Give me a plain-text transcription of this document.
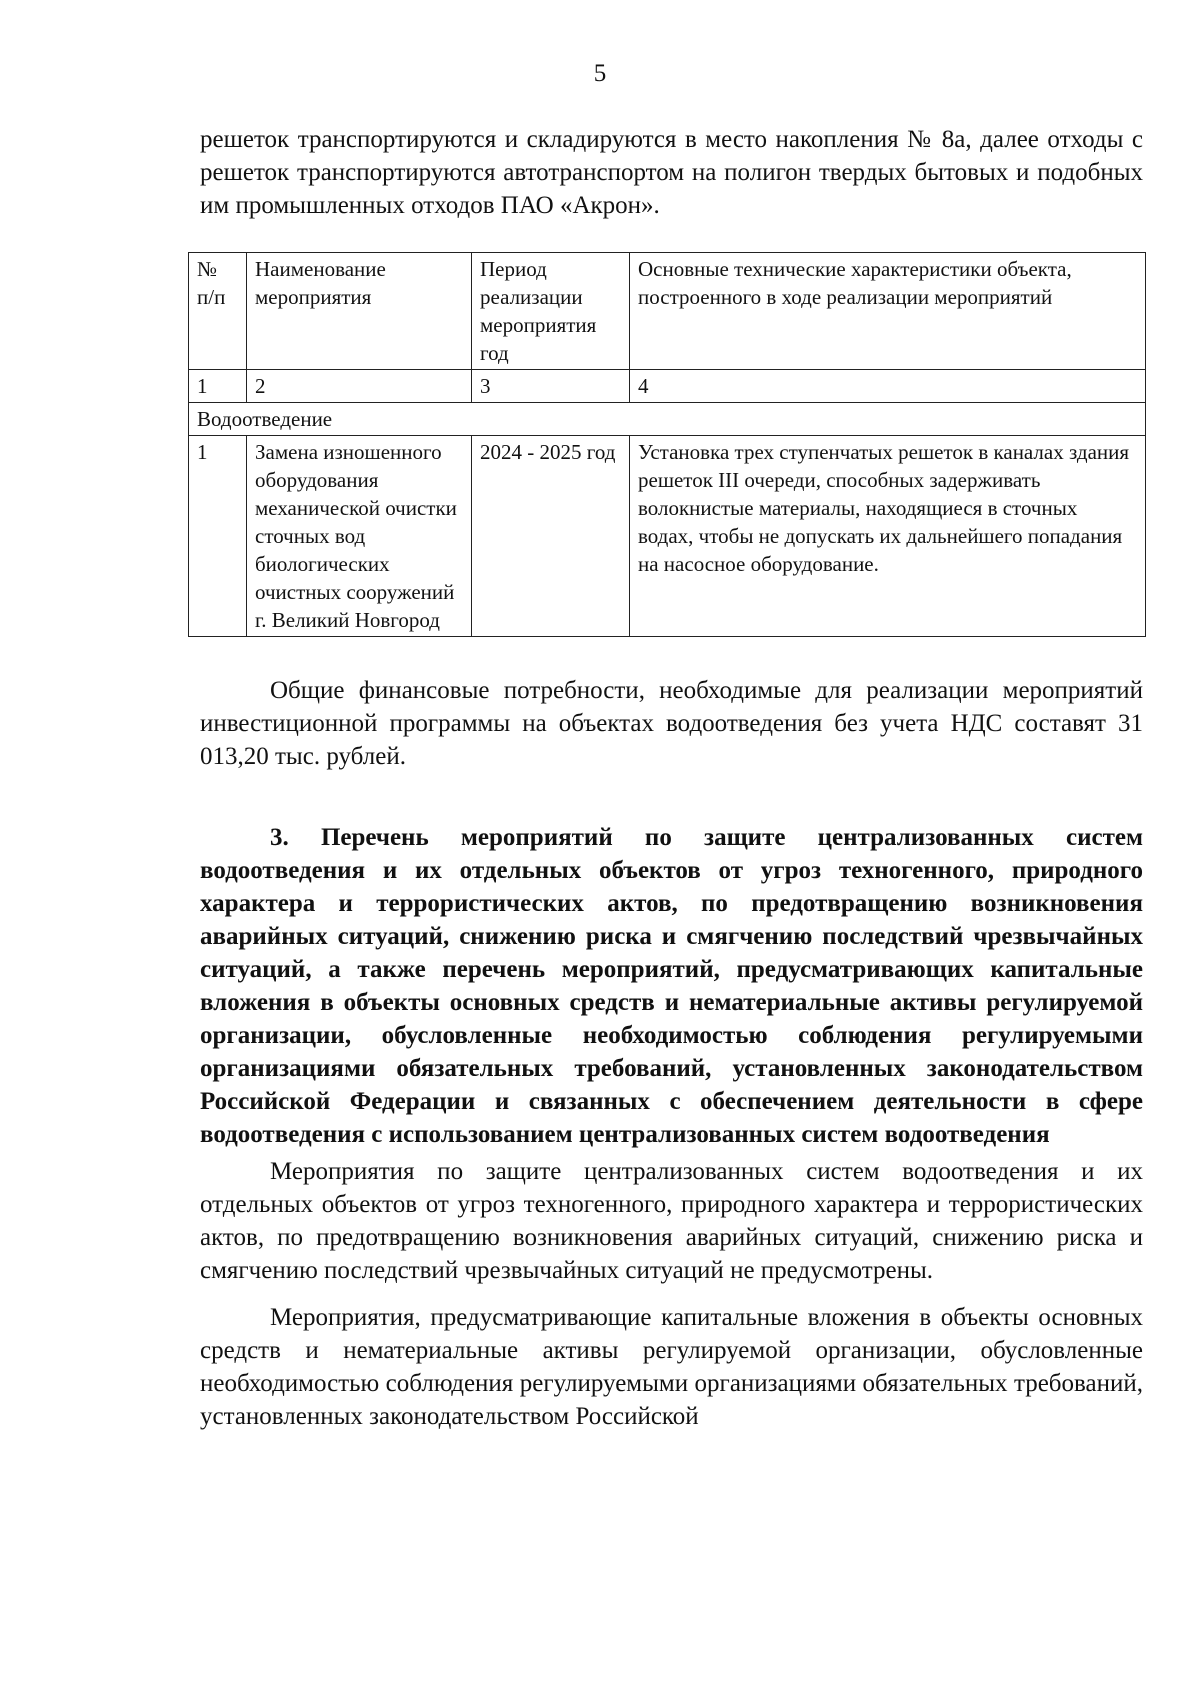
5

решеток транспортируются и складируются в место накопления № 8а, далее отходы с решеток транспортируются автотранспортом на полигон твердых бытовых и подобных им промышленных отходов ПАО «Акрон».

№ п/п	Наименование мероприятия	Период реализации мероприятия год	Основные технические характеристики объекта, построенного в ходе реализации мероприятий
1	2	3	4
Водоотведение			
1	Замена изношенного оборудования механической очистки сточных вод биологических очистных сооружений г. Великий Новгород	2024 - 2025 год	Установка трех ступенчатых решеток в каналах здания решеток III очереди, способных задерживать волокнистые материалы, находящиеся в сточных водах, чтобы не допускать их дальнейшего попадания на насосное оборудование.

Общие финансовые потребности, необходимые для реализации мероприятий инвестиционной программы на объектах водоотведения без учета НДС составят 31 013,20 тыс. рублей.

3. Перечень мероприятий по защите централизованных систем водоотведения и их отдельных объектов от угроз техногенного, природного характера и террористических актов, по предотвращению возникновения аварийных ситуаций, снижению риска и смягчению последствий чрезвычайных ситуаций, а также перечень мероприятий, предусматривающих капитальные вложения в объекты основных средств и нематериальные активы регулируемой организации, обусловленные необходимостью соблюдения регулируемыми организациями обязательных требований, установленных законодательством Российской Федерации и связанных с обеспечением деятельности в сфере водоотведения с использованием централизованных систем водоотведения

Мероприятия по защите централизованных систем водоотведения и их отдельных объектов от угроз техногенного, природного характера и террористических актов, по предотвращению возникновения аварийных ситуаций, снижению риска и смягчению последствий чрезвычайных ситуаций не предусмотрены.

Мероприятия, предусматривающие капитальные вложения в объекты основных средств и нематериальные активы регулируемой организации, обусловленные необходимостью соблюдения регулируемыми организациями обязательных требований, установленных законодательством Российской
